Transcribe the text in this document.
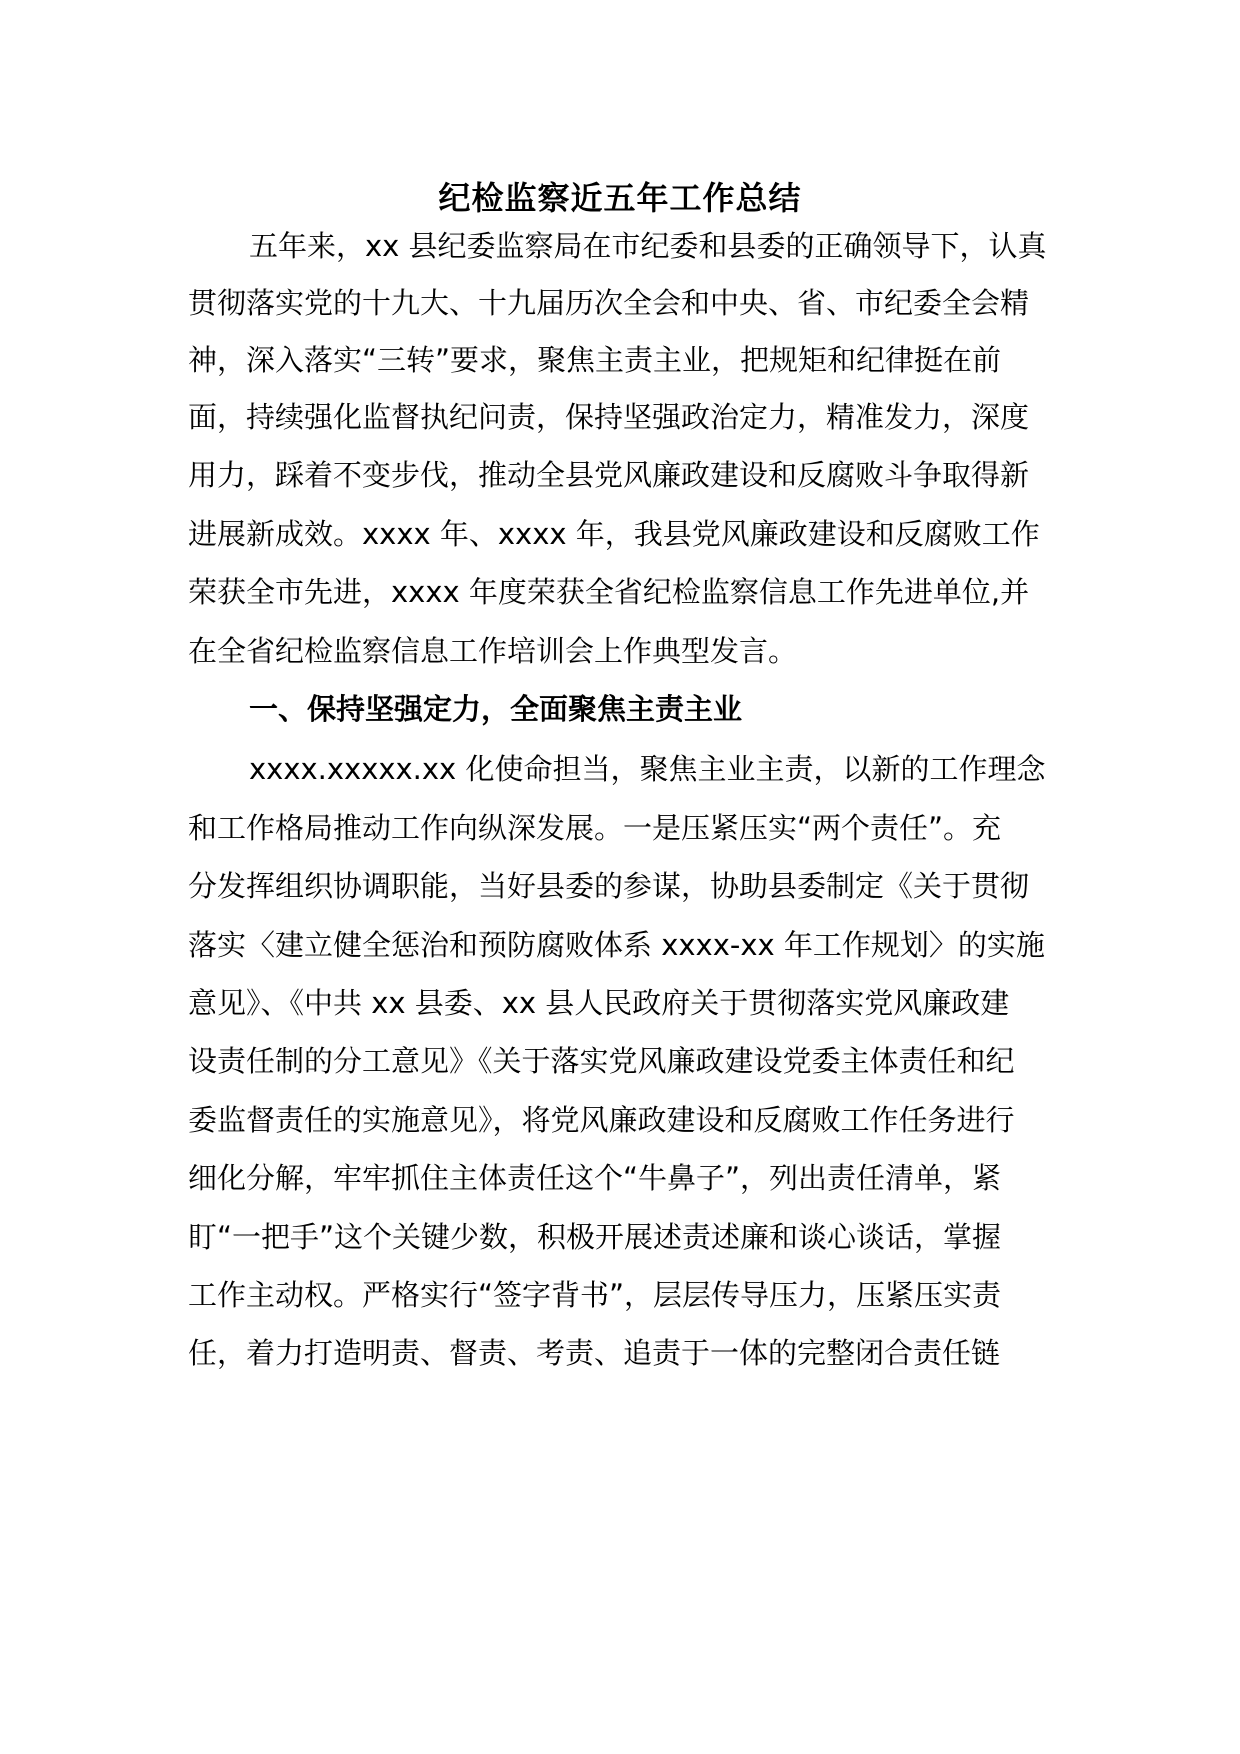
纪检监察近五年工作总结
五年来，xx 县纪委监察局在市纪委和县委的正确领导下，认真
贯彻落实党的十九大、十九届历次全会和中央、省、市纪委全会精
神，深入落实“三转”要求，聚焦主责主业，把规矩和纪律挺在前
面，持续强化监督执纪问责，保持坚强政治定力，精准发力，深度
用力，踩着不变步伐，推动全县党风廉政建设和反腐败斗争取得新
进展新成效。xxxx 年、xxxx 年，我县党风廉政建设和反腐败工作
荣获全市先进，xxxx 年度荣获全省纪检监察信息工作先进单位,并
在全省纪检监察信息工作培训会上作典型发言。
一、保持坚强定力，全面聚焦主责主业
xxxx.xxxxx.xx 化使命担当，聚焦主业主责，以新的工作理念
和工作格局推动工作向纵深发展。一是压紧压实“两个责任”。充
分发挥组织协调职能，当好县委的参谋，协助县委制定《关于贯彻
落实〈建立健全惩治和预防腐败体系 xxxx-xx 年工作规划〉的实施
意见》、《中共 xx 县委、xx 县人民政府关于贯彻落实党风廉政建
设责任制的分工意见》《关于落实党风廉政建设党委主体责任和纪
委监督责任的实施意见》，将党风廉政建设和反腐败工作任务进行
细化分解，牢牢抓住主体责任这个“牛鼻子”，列出责任清单，紧
盯“一把手”这个关键少数，积极开展述责述廉和谈心谈话，掌握
工作主动权。严格实行“签字背书”，层层传导压力，压紧压实责
任，着力打造明责、督责、考责、追责于一体的完整闭合责任链
